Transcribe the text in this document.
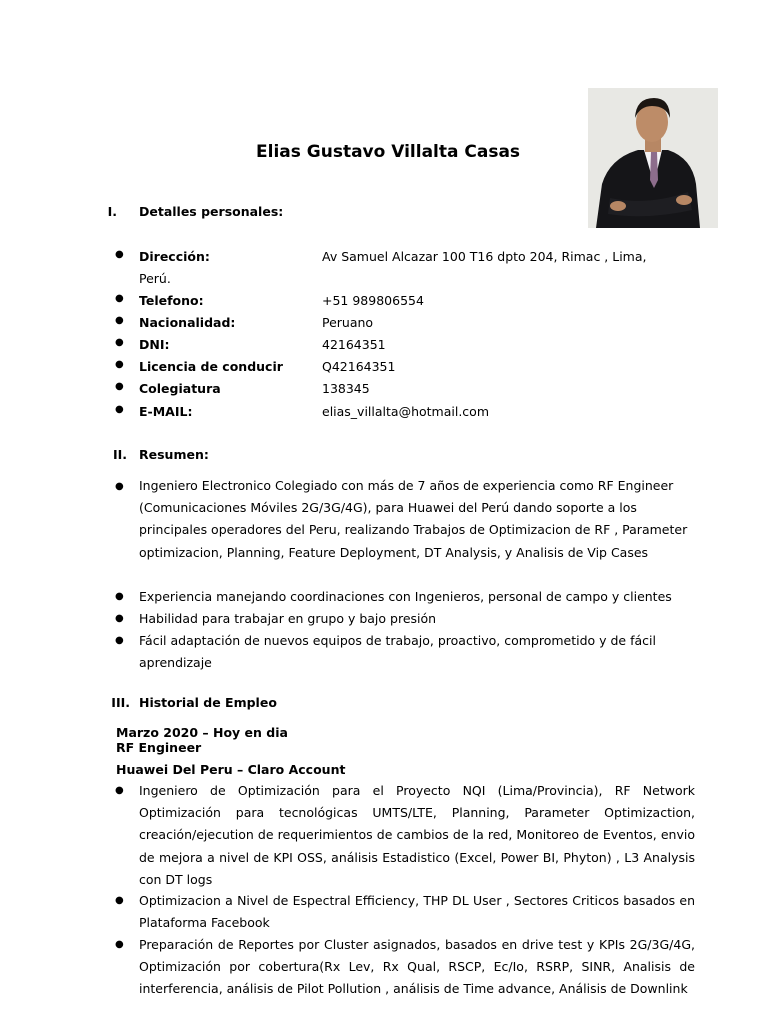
Elias Gustavo Villalta Casas
I. Detalles personales:
● Dirección:	Av Samuel Alcazar 100 T16 dpto 204, Rimac , Lima,
Perú.
● Telefono:	+51 989806554
● Nacionalidad:	Peruano
● DNI:	42164351
● Licencia de conducir	Q42164351
● Colegiatura	138345
● E-MAIL:	elias_villalta@hotmail.com
II. Resumen:
● Ingeniero Electronico Colegiado con más de 7 años de experiencia como RF Engineer (Comunicaciones Móviles 2G/3G/4G), para Huawei del Perú dando soporte a los principales operadores del Peru, realizando Trabajos de Optimizacion de RF , Parameter optimizacion, Planning, Feature Deployment, DT Analysis, y Analisis de Vip Cases
● Experiencia manejando coordinaciones con Ingenieros, personal de campo y clientes
● Habilidad para trabajar en grupo y bajo presión
● Fácil adaptación de nuevos equipos de trabajo, proactivo, comprometido y de fácil aprendizaje
III. Historial de Empleo
Marzo 2020 – Hoy en dia
RF Engineer
Huawei Del Peru – Claro Account
● Ingeniero de Optimización para el Proyecto NQI (Lima/Provincia), RF Network Optimización para tecnológicas UMTS/LTE, Planning, Parameter Optimizaction, creación/ejecution de requerimientos de cambios de la red, Monitoreo de Eventos, envio de mejora a nivel de KPI OSS, análisis Estadistico (Excel, Power BI, Phyton) , L3 Analysis con DT logs
● Optimizacion a Nivel de Espectral Efficiency, THP DL User , Sectores Criticos basados en Plataforma Facebook
● Preparación de Reportes por Cluster asignados, basados en drive test y KPIs 2G/3G/4G, Optimización por cobertura(Rx Lev, Rx Qual, RSCP, Ec/Io, RSRP, SINR, Analisis de interferencia, análisis de Pilot Pollution , análisis de Time advance, Análisis de Downlink
